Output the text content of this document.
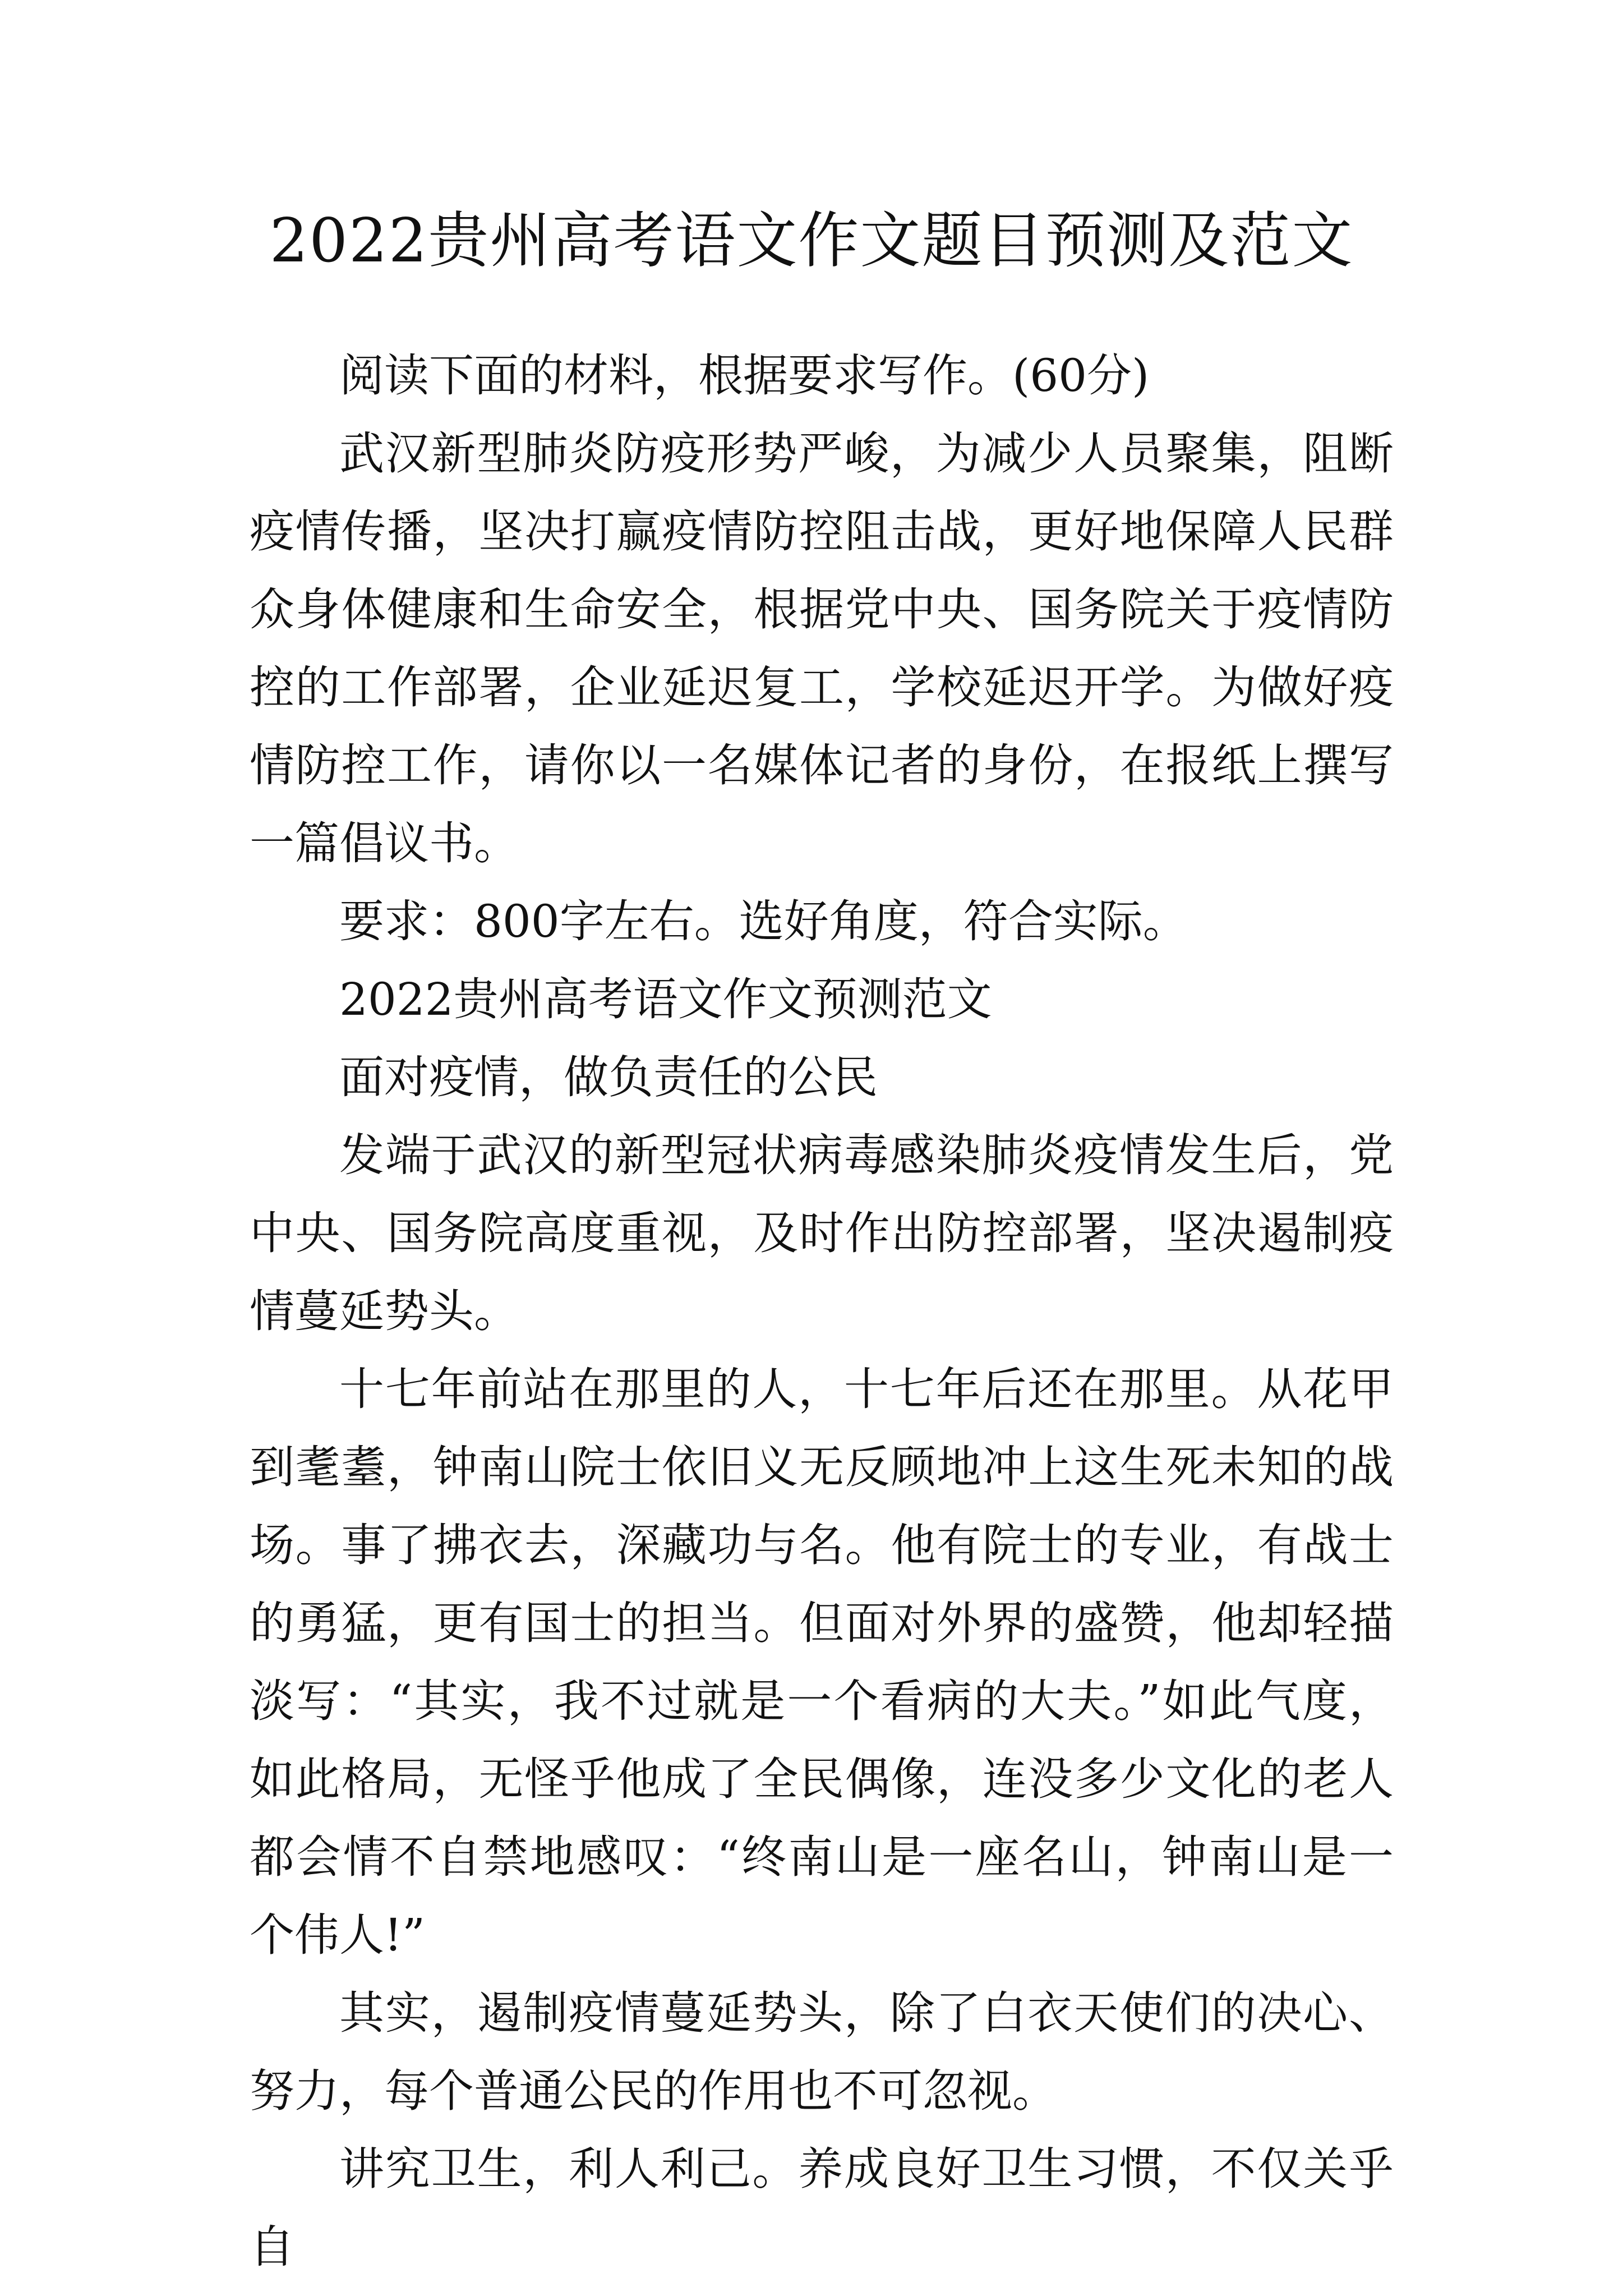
2022贵州高考语文作文题目预测及范文

阅读下面的材料，根据要求写作。(60分)

武汉新型肺炎防疫形势严峻，为减少人员聚集，阻断疫情传播，坚决打赢疫情防控阻击战，更好地保障人民群众身体健康和生命安全，根据党中央、国务院关于疫情防控的工作部署，企业延迟复工，学校延迟开学。为做好疫情防控工作，请你以一名媒体记者的身份，在报纸上撰写一篇倡议书。

要求：800字左右。选好角度，符合实际。

2022贵州高考语文作文预测范文

面对疫情，做负责任的公民

发端于武汉的新型冠状病毒感染肺炎疫情发生后，党中央、国务院高度重视，及时作出防控部署，坚决遏制疫情蔓延势头。

十七年前站在那里的人，十七年后还在那里。从花甲到耄耋，钟南山院士依旧义无反顾地冲上这生死未知的战场。事了拂衣去，深藏功与名。他有院士的专业，有战士的勇猛，更有国士的担当。但面对外界的盛赞，他却轻描淡写：“其实，我不过就是一个看病的大夫。”如此气度，如此格局，无怪乎他成了全民偶像，连没多少文化的老人都会情不自禁地感叹：“终南山是一座名山，钟南山是一个伟人!”

其实，遏制疫情蔓延势头，除了白衣天使们的决心、努力，每个普通公民的作用也不可忽视。

讲究卫生，利人利己。养成良好卫生习惯，不仅关乎自
